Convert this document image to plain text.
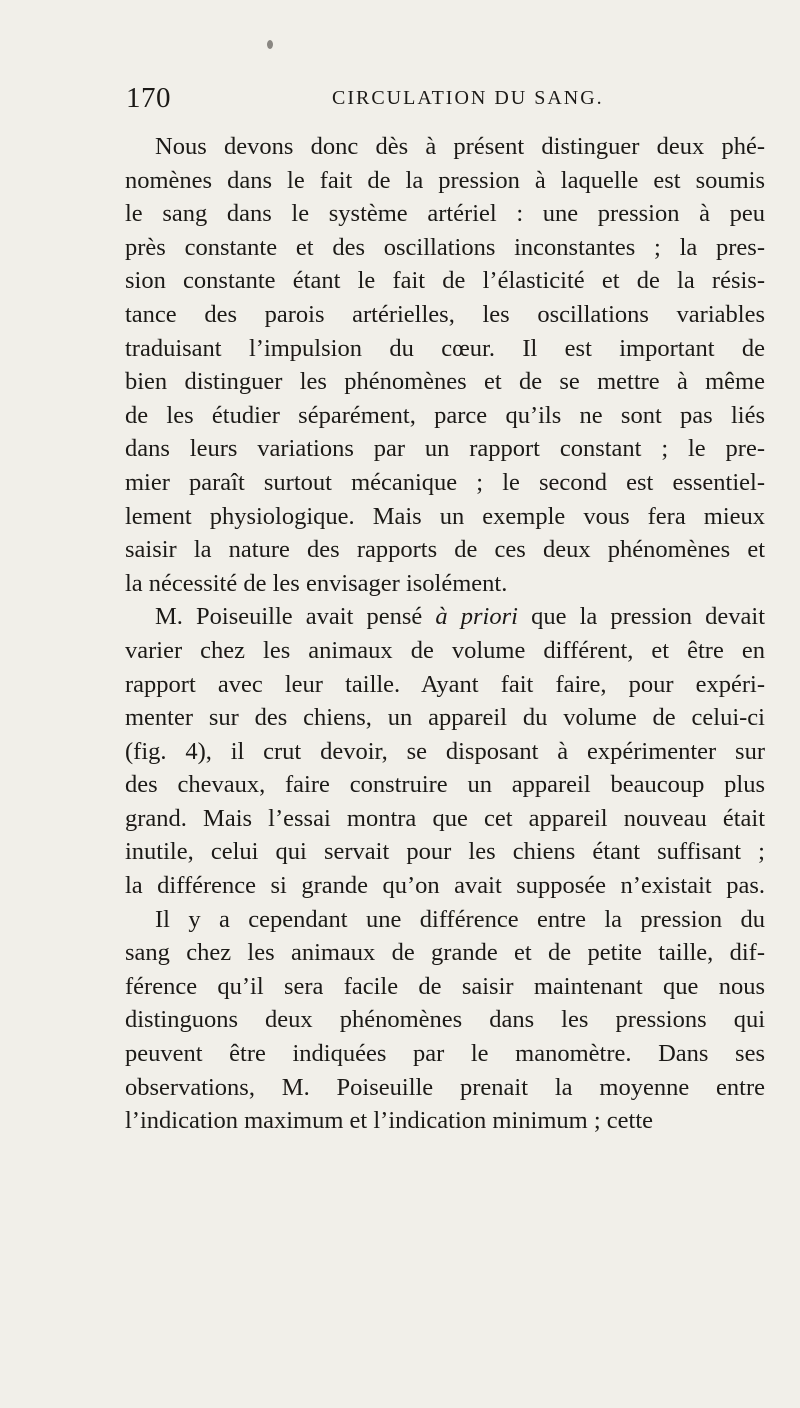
170	CIRCULATION DU SANG.
Nous devons donc dès à présent distinguer deux phé-
nomènes dans le fait de la pression à laquelle est soumis
le sang dans le système artériel : une pression à peu
près constante et des oscillations inconstantes ; la pres-
sion constante étant le fait de l’élasticité et de la résis-
tance des parois artérielles, les oscillations variables
traduisant l’impulsion du cœur. Il est important de
bien distinguer les phénomènes et de se mettre à même
de les étudier séparément, parce qu’ils ne sont pas liés
dans leurs variations par un rapport constant ; le pre-
mier paraît surtout mécanique ; le second est essentiel-
lement physiologique. Mais un exemple vous fera mieux
saisir la nature des rapports de ces deux phénomènes et
la nécessité de les envisager isolément.
M. Poiseuille avait pensé à priori que la pression devait
varier chez les animaux de volume différent, et être en
rapport avec leur taille. Ayant fait faire, pour expéri-
menter sur des chiens, un appareil du volume de celui-ci
(fig. 4), il crut devoir, se disposant à expérimenter sur
des chevaux, faire construire un appareil beaucoup plus
grand. Mais l’essai montra que cet appareil nouveau était
inutile, celui qui servait pour les chiens étant suffisant ;
la différence si grande qu’on avait supposée n’existait pas.
Il y a cependant une différence entre la pression du
sang chez les animaux de grande et de petite taille, dif-
férence qu’il sera facile de saisir maintenant que nous
distinguons deux phénomènes dans les pressions qui
peuvent être indiquées par le manomètre. Dans ses
observations, M. Poiseuille prenait la moyenne entre
l’indication maximum et l’indication minimum ; cette
